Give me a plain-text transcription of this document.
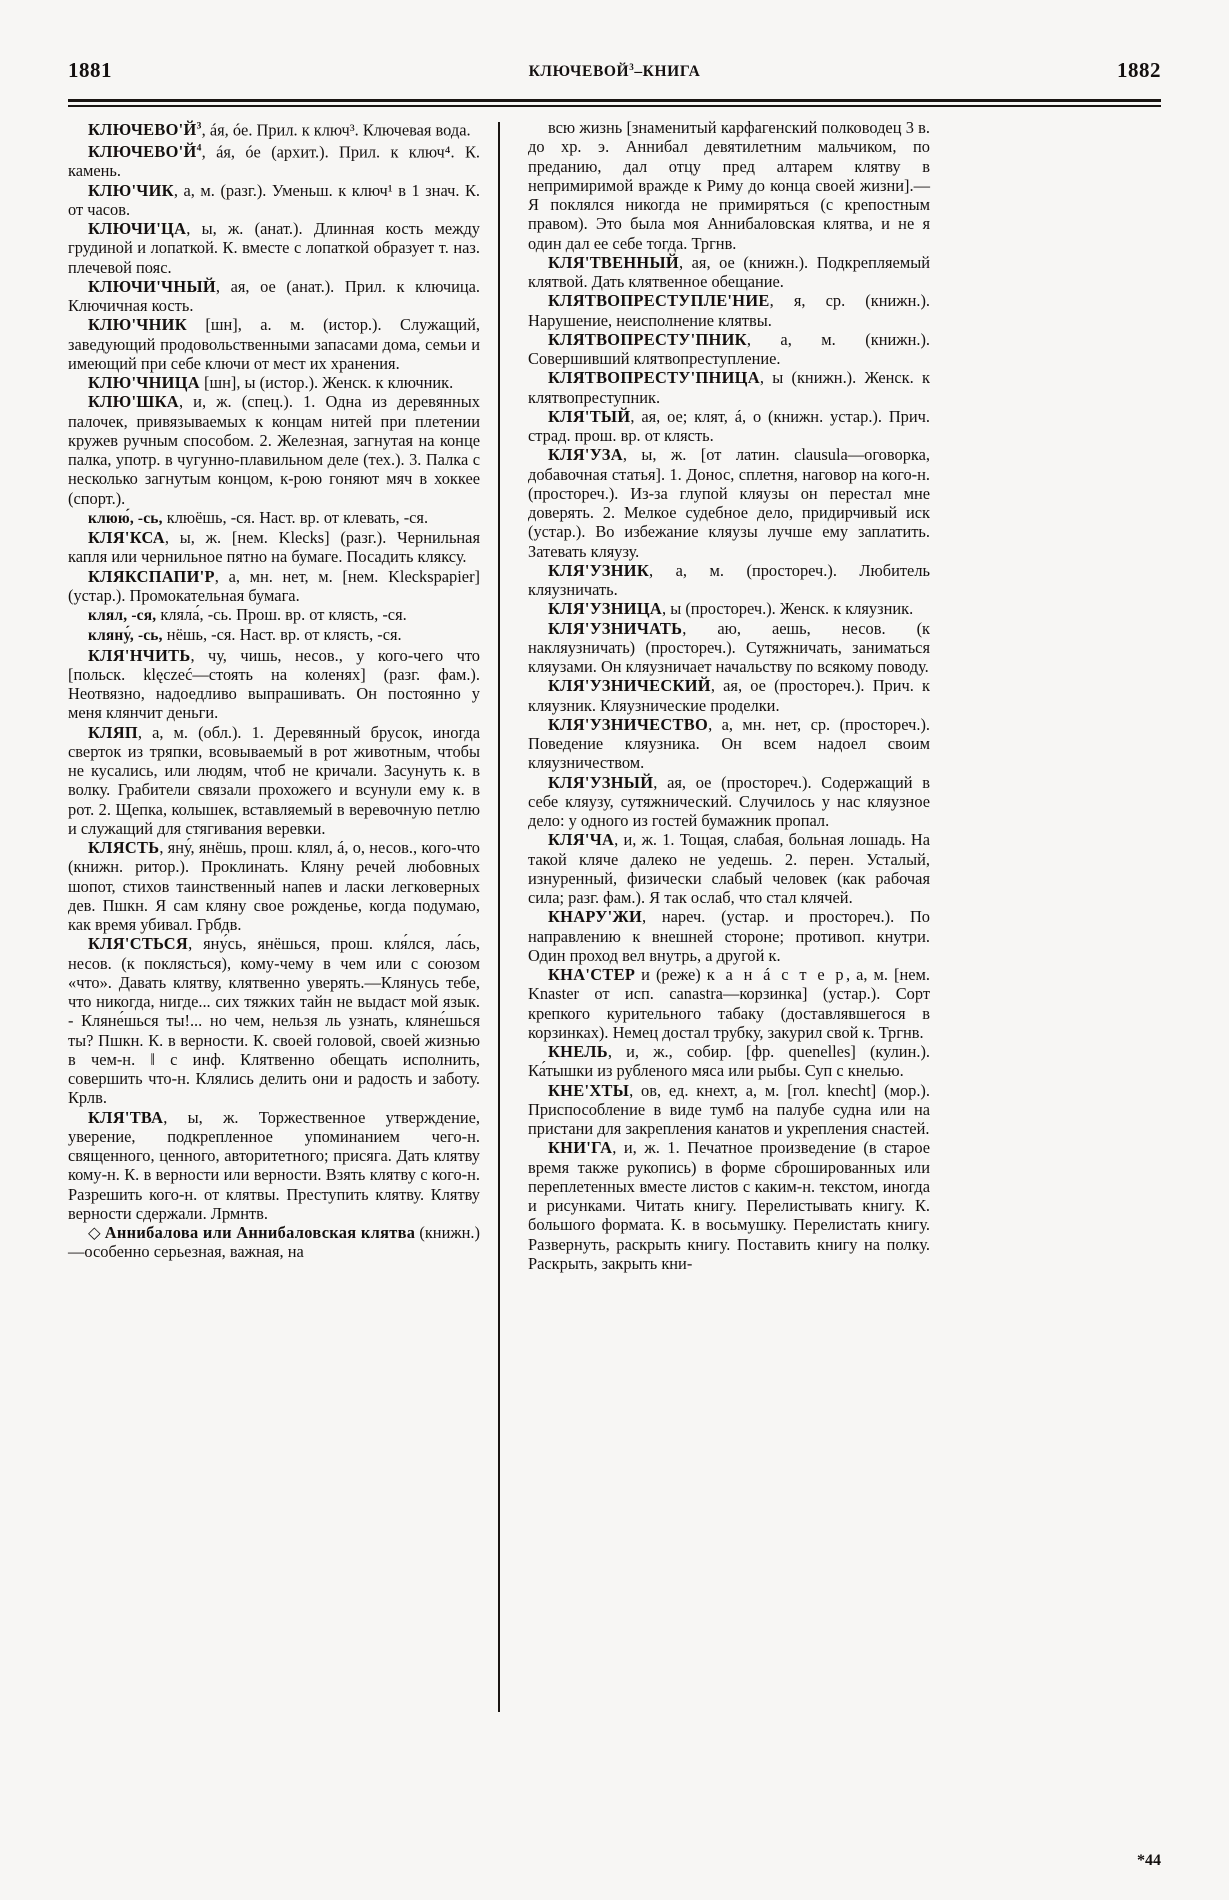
1881	КЛЮЧЕВОЙ$^3$–КНИГА	1882

$КЛЮЧЕВО'Й^3$, áя, óе. Прил. к ключ³. Ключевая вода.

$КЛЮЧЕВО'Й^4$, áя, óе (архит.). Прил. к ключ⁴. К. камень.

КЛЮ'ЧИК, а, м. (разг.). Уменьш. к ключ¹ в 1 знач. К. от часов.

КЛЮЧИ'ЦА, ы, ж. (анат.). Длинная кость между грудиной и лопаткой. К. вместе с лопаткой образует т. наз. плечевой пояс.

КЛЮЧИ'ЧНЫЙ, ая, ое (анат.). Прил. к ключица. Ключичная кость.

КЛЮ'ЧНИК [шн], а. м. (истор.). Служащий, заведующий продовольственными запасами дома, семьи и имеющий при себе ключи от мест их хранения.

КЛЮ'ЧНИЦА [шн], ы (истор.). Женск. к ключник.

КЛЮ'ШКА, и, ж. (спец.). 1. Одна из деревянных палочек, привязываемых к концам нитей при плетении кружев ручным способом. 2. Железная, загнутая на конце палка, употр. в чугунно-плавильном деле (тех.). 3. Палка с несколько загнутым концом, к-рою гоняют мяч в хоккее (спорт.).

клюю́, -сь, клюёшь, -ся. Наст. вр. от клевать, -ся.

КЛЯ'КСА, ы, ж. [нем. Klecks] (разг.). Чернильная капля или чернильное пятно на бумаге. Посадить кляксу.

КЛЯКСПАПИ'Р, а, мн. нет, м. [нем. Kleckspapier] (устар.). Промокательная бумага.

клял, -ся, кляла́, -сь. Прош. вр. от клясть, -ся.

кляну́, -сь, нёшь, -ся. Наст. вр. от клясть, -ся.

КЛЯ'НЧИТЬ, чу, чишь, несов., у кого-чего что [польск. klęczeć—стоять на коленях] (разг. фам.). Неотвязно, надоедливо выпрашивать. Он постоянно у меня клянчит деньги.

КЛЯП, а, м. (обл.). 1. Деревянный брусок, иногда сверток из тряпки, всовываемый в рот животным, чтобы не кусались, или людям, чтоб не кричали. Засунуть к. в волку. Грабители связали прохожего и всунули ему к. в рот. 2. Щепка, колышек, вставляемый в веревочную петлю и служащий для стягивания веревки.

КЛЯСТЬ, яну́, янёшь, прош. клял, á, о, несов., кого-что (книжн. ритор.). Проклинать. Кляну речей любовных шопот, стихов таинственный напев и ласки легковерных дев. Пшкн. Я сам кляну свое рожденье, когда подумаю, как время убивал. Грбдв.

КЛЯ'СТЬСЯ, яну́сь, янёшься, прош. кля́лся, ла́сь, несов. (к поклясться), кому-чему в чем или с союзом «что». Давать клятву, клятвенно уверять.—Клянусь тебе, что никогда, нигде... сих тяжких тайн не выдаст мой язык. - Кляне́шься ты!... но чем, нельзя ль узнать, кляне́шься ты? Пшкн. К. в верности. К. своей головой, своей жизнью в чем-н. ‖ с инф. Клятвенно обещать исполнить, совершить что-н. Клялись делить они и радость и заботу. Крлв.

КЛЯ'ТВА, ы, ж. Торжественное утверждение, уверение, подкрепленное упоминанием чего-н. священного, ценного, авторитетного; присяга. Дать клятву кому-н. К. в верности или верности. Взять клятву с кого-н. Разрешить кого-н. от клятвы. Преступить клятву. Клятву верности сдержали. Лрмнтв.

◇ Аннибалова или Аннибаловская клятва (книжн.)—особенно серьезная, важная, на

всю жизнь [знаменитый карфагенский полководец 3 в. до хр. э. Аннибал девятилетним мальчиком, по преданию, дал отцу пред алтарем клятву в непримиримой вражде к Риму до конца своей жизни].—Я поклялся никогда не примиряться (с крепостным правом). Это была моя Аннибаловская клятва, и не я один дал ее себе тогда. Тргнв.

КЛЯ'ТВЕННЫЙ, ая, ое (книжн.). Подкрепляемый клятвой. Дать клятвенное обещание.

КЛЯТВОПРЕСТУПЛЕ'НИЕ, я, ср. (книжн.). Нарушение, неисполнение клятвы.

КЛЯТВОПРЕСТУ'ПНИК, а, м. (книжн.). Совершивший клятвопреступление.

КЛЯТВОПРЕСТУ'ПНИЦА, ы (книжн.). Женск. к клятвопреступник.

КЛЯ'ТЫЙ, ая, ое; клят, á, о (книжн. устар.). Прич. страд. прош. вр. от клясть.

КЛЯ'УЗА, ы, ж. [от латин. clausula—оговорка, добавочная статья]. 1. Донос, сплетня, наговор на кого-н. (простореч.). Из-за глупой кляузы он перестал мне доверять. 2. Мелкое судебное дело, придирчивый иск (устар.). Во избежание кляузы лучше ему заплатить. Затевать кляузу.

КЛЯ'УЗНИК, а, м. (простореч.). Любитель кляузничать.

КЛЯ'УЗНИЦА, ы (простореч.). Женск. к кляузник.

КЛЯ'УЗНИЧАТЬ, аю, аешь, несов. (к накляузничать) (простореч.). Сутяжничать, заниматься кляузами. Он кляузничает начальству по всякому поводу.

КЛЯ'УЗНИЧЕСКИЙ, ая, ое (простореч.). Прич. к кляузник. Кляузнические проделки.

КЛЯ'УЗНИЧЕСТВО, а, мн. нет, ср. (простореч.). Поведение кляузника. Он всем надоел своим кляузничеством.

КЛЯ'УЗНЫЙ, ая, ое (простореч.). Содержащий в себе кляузу, сутяжнический. Случилось у нас кляузное дело: у одного из гостей бумажник пропал.

КЛЯ'ЧА, и, ж. 1. Тощая, слабая, больная лошадь. На такой кляче далеко не уедешь. 2. перен. Усталый, изнуренный, физически слабый человек (как рабочая сила; разг. фам.). Я так ослаб, что стал клячей.

КНАРУ'ЖИ, нареч. (устар. и простореч.). По направлению к внешней стороне; противоп. кнутри. Один проход вел внутрь, а другой к.

КНА'СТЕР и (реже) к а н á с т е р, а, м. [нем. Knaster от исп. canastra—корзинка] (устар.). Сорт крепкого курительного табаку (доставлявшегося в корзинках). Немец достал трубку, закурил свой к. Тргнв.

КНЕЛЬ, и, ж., собир. [фр. quenelles] (кулин.). Ка́тышки из рубленого мяса или рыбы. Суп с кнелью.

КНЕ'ХТЫ, ов, ед. кнехт, а, м. [гол. knecht] (мор.). Приспособление в виде тумб на палубе судна или на пристани для закрепления канатов и укрепления снастей.

КНИ'ГА, и, ж. 1. Печатное произведение (в старое время также рукопись) в форме сброшированных или переплетенных вместе листов с каким-н. текстом, иногда и рисунками. Читать книгу. Перелистывать книгу. К. большого формата. К. в восьмушку. Перелистать книгу. Развернуть, раскрыть книгу. Поставить книгу на полку. Раскрыть, закрыть кни-

*44
